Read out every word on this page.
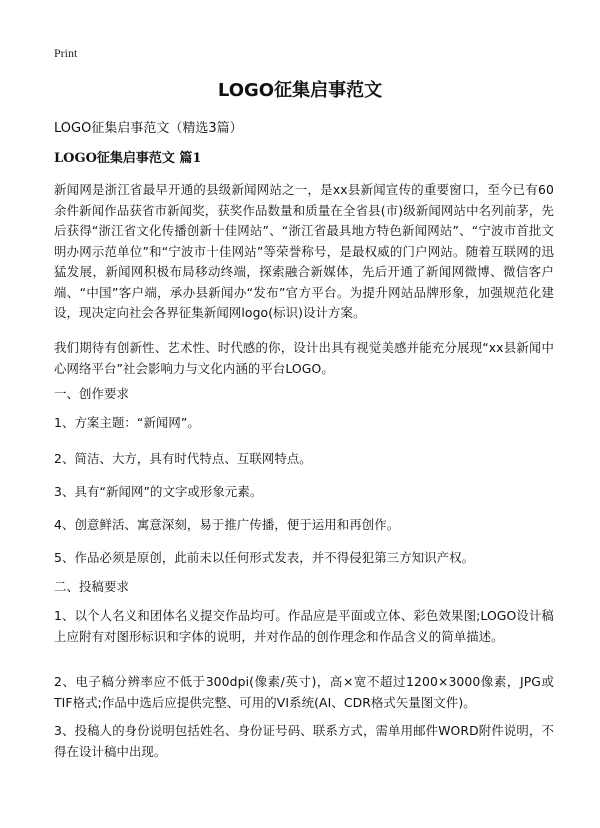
Print
LOGO征集启事范文

LOGO征集启事范文（精选3篇）

LOGO征集启事范文 篇1

新闻网是浙江省最早开通的县级新闻网站之一，是xx县新闻宣传的重要窗口，至今已有60余件新闻作品获省市新闻奖，获奖作品数量和质量在全省县(市)级新闻网站中名列前茅，先后获得“浙江省文化传播创新十佳网站”、“浙江省最具地方特色新闻网站”、“宁波市首批文明办网示范单位”和“宁波市十佳网站”等荣誉称号，是最权威的门户网站。随着互联网的迅猛发展，新闻网积极布局移动终端，探索融合新媒体，先后开通了新闻网微博、微信客户端、“中国”客户端，承办县新闻办“发布”官方平台。为提升网站品牌形象，加强规范化建设，现决定向社会各界征集新闻网logo(标识)设计方案。

我们期待有创新性、艺术性、时代感的你，设计出具有视觉美感并能充分展现“xx县新闻中心网络平台”社会影响力与文化内涵的平台LOGO。

一、创作要求

1、方案主题：“新闻网”。

2、简洁、大方，具有时代特点、互联网特点。

3、具有“新闻网”的文字或形象元素。

4、创意鲜活、寓意深刻，易于推广传播，便于运用和再创作。

5、作品必须是原创，此前未以任何形式发表，并不得侵犯第三方知识产权。

二、投稿要求

1、以个人名义和团体名义提交作品均可。作品应是平面或立体、彩色效果图;LOGO设计稿上应附有对图形标识和字体的说明，并对作品的创作理念和作品含义的简单描述。

2、电子稿分辨率应不低于300dpi(像素/英寸)，高×宽不超过1200×3000像素，JPG或TIF格式;作品中选后应提供完整、可用的VI系统(AI、CDR格式矢量图文件)。

3、投稿人的身份说明包括姓名、身份证号码、联系方式，需单用邮件WORD附件说明，不得在设计稿中出现。
